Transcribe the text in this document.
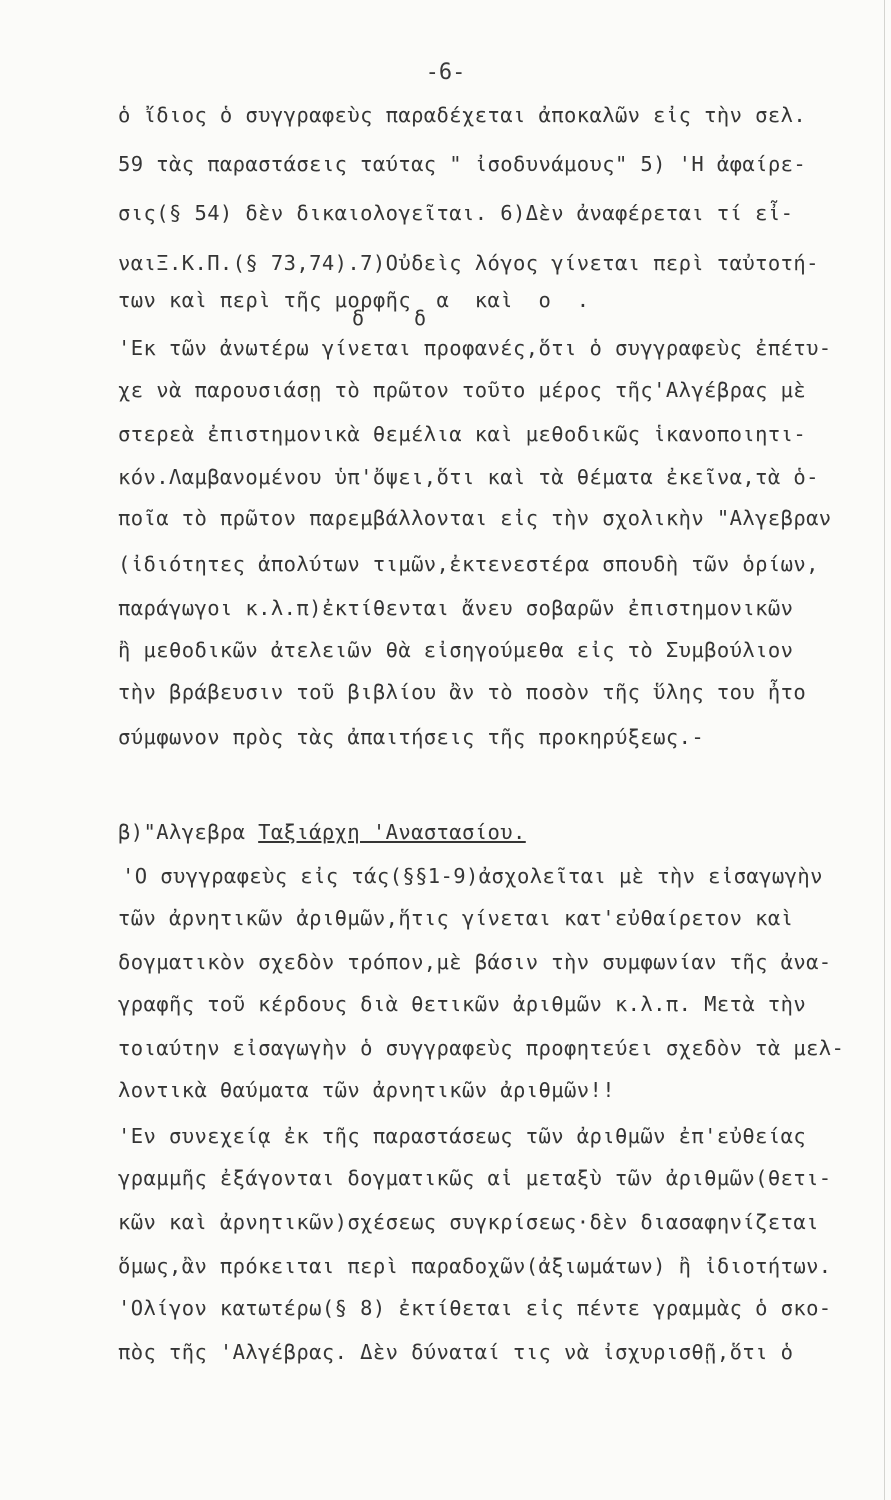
-6-
ὁ ἴδιος ὁ συγγραφεὺς παραδέχεται ἀποκαλῶν εἰς τὴν σελ.
59 τὰς παραστάσεις ταύτας " ἰσοδυνάμους" 5) 'Η ἀφαίρε-
σις(§ 54) δὲν δικαιολογεῖται. 6)Δὲν ἀναφέρεται τί εἶ-
ναιΞ.Κ.Π.(§ 73,74).7)Οὐδεὶς λόγος γίνεται περὶ ταὐτοτή-
των καὶ περὶ τῆς μορφῆς  α  καὶ  ο  .
δ δ
'Εκ τῶν ἀνωτέρω γίνεται προφανές,ὅτι ὁ συγγραφεὺς ἐπέτυ-
χε νὰ παρουσιάσῃ τὸ πρῶτον τοῦτο μέρος τῆς'Αλγέβρας μὲ
στερεὰ ἐπιστημονικὰ θεμέλια καὶ μεθοδικῶς ἱκανοποιητι-
κόν.Λαμβανομένου ὑπ'ὄψει,ὅτι καὶ τὰ θέματα ἐκεῖνα,τὰ ὁ-
ποῖα τὸ πρῶτον παρεμβάλλονται εἰς τὴν σχολικὴν "Αλγεβραν
(ἰδιότητες ἀπολύτων τιμῶν,ἐκτενεστέρα σπουδὴ τῶν ὁρίων,
παράγωγοι κ.λ.π)ἐκτίθενται ἄνευ σοβαρῶν ἐπιστημονικῶν
ἢ μεθοδικῶν ἀτελειῶν θὰ εἰσηγούμεθα εἰς τὸ Συμβούλιον
τὴν βράβευσιν τοῦ βιβλίου ἂν τὸ ποσὸν τῆς ὕλης του ἦτο
σύμφωνον πρὸς τὰς ἀπαιτήσεις τῆς προκηρύξεως.-
β)"Αλγεβρα Ταξιάρχη 'Αναστασίου.
'Ο συγγραφεὺς εἰς τάς(§§1-9)ἀσχολεῖται μὲ τὴν εἰσαγωγὴν
τῶν ἀρνητικῶν ἀριθμῶν,ἥτις γίνεται κατ'εὐθαίρετον καὶ
δογματικὸν σχεδὸν τρόπον,μὲ βάσιν τὴν συμφωνίαν τῆς ἀνα-
γραφῆς τοῦ κέρδους διὰ θετικῶν ἀριθμῶν κ.λ.π. Μετὰ τὴν
τοιαύτην εἰσαγωγὴν ὁ συγγραφεὺς προφητεύει σχεδὸν τὰ μελ-
λοντικὰ θαύματα τῶν ἀρνητικῶν ἀριθμῶν!!
'Εν συνεχείᾳ ἐκ τῆς παραστάσεως τῶν ἀριθμῶν ἐπ'εὐθείας
γραμμῆς ἐξάγονται δογματικῶς αἱ μεταξὺ τῶν ἀριθμῶν(θετι-
κῶν καὶ ἀρνητικῶν)σχέσεως συγκρίσεως·δὲν διασαφηνίζεται
ὅμως,ἂν πρόκειται περὶ παραδοχῶν(ἀξιωμάτων) ἢ ἰδιοτήτων.
'Ολίγον κατωτέρω(§ 8) ἐκτίθεται εἰς πέντε γραμμὰς ὁ σκο-
πὸς τῆς 'Αλγέβρας. Δὲν δύναταί τις νὰ ἰσχυρισθῇ,ὅτι ὁ
